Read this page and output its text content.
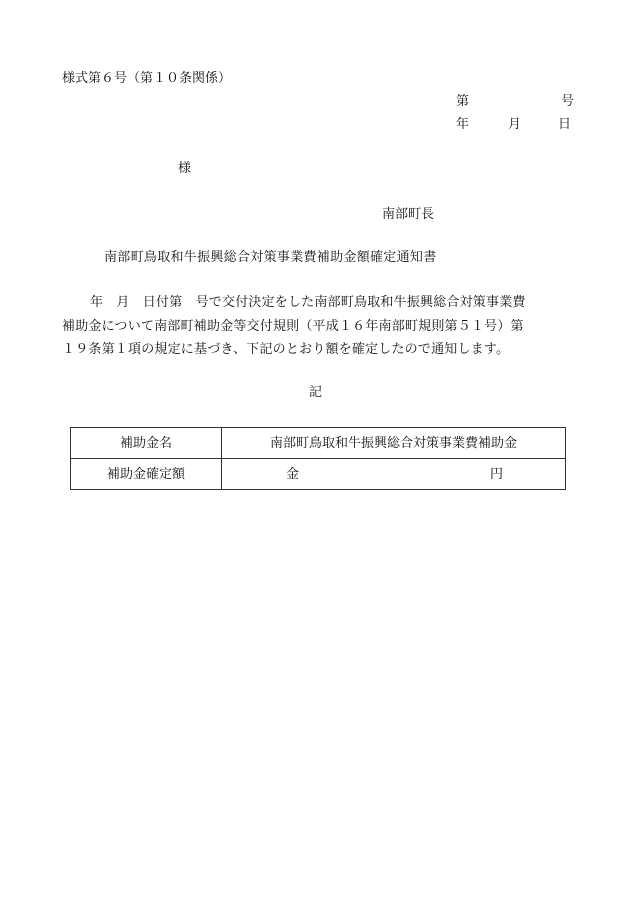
様式第６号（第１０条関係）
第	号
年	月	日
様
南部町長
南部町鳥取和牛振興総合対策事業費補助金額確定通知書
年　月　日付第　号で交付決定をした南部町鳥取和牛振興総合対策事業費
補助金について南部町補助金等交付規則（平成１６年南部町規則第５１号）第
１９条第１項の規定に基づき、下記のとおり額を確定したので通知します。
記
補助金名	南部町鳥取和牛振興総合対策事業費補助金
補助金確定額	金 円
